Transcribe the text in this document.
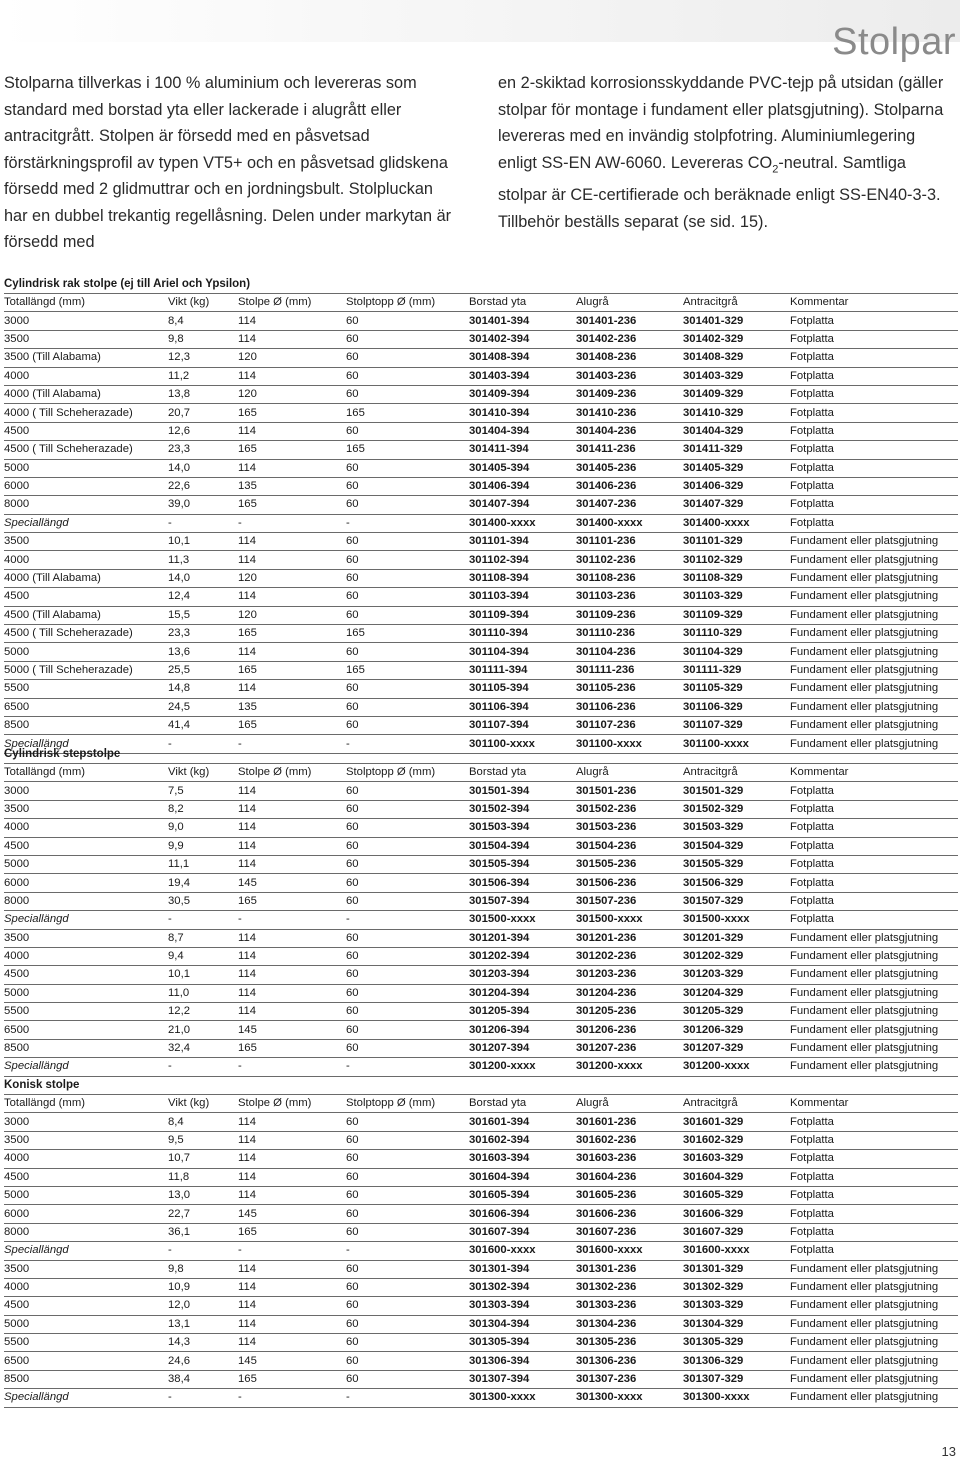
Stolpar

Stolparna tillverkas i 100 % aluminium och levereras som standard med borstad yta eller lackerade i alugrått eller antracitgrått. Stolpen är försedd med en påsvetsad förstärkningsprofil av typen VT5+ och en påsvetsad glidskena försedd med 2 glidmuttrar och en jordningsbult. Stolpluckan har en dubbel trekantig regellåsning. Delen under markytan är försedd med

en 2-skiktad korrosionsskyddande PVC-tejp på utsidan (gäller stolpar för montage i fundament eller platsgjutning). Stolparna levereras med en invändig stolpfotring. Aluminiumlegering enligt SS-EN AW-6060. Levereras $CO_2$-neutral. Samtliga stolpar är CE-certifierade och beräknade enligt SS-EN40-3-3. Tillbehör beställs separat (se sid. 15).

Cylindrisk rak stolpe (ej till Ariel och Ypsilon)
Totallängd (mm)	Vikt (kg)	Stolpe Ø (mm)	Stolptopp Ø (mm)	Borstad yta	Alugrå	Antracitgrå	Kommentar
3000	8,4	114	60	301401-394	301401-236	301401-329	Fotplatta
3500	9,8	114	60	301402-394	301402-236	301402-329	Fotplatta
3500 (Till Alabama)	12,3	120	60	301408-394	301408-236	301408-329	Fotplatta
4000	11,2	114	60	301403-394	301403-236	301403-329	Fotplatta
4000 (Till Alabama)	13,8	120	60	301409-394	301409-236	301409-329	Fotplatta
4000 ( Till Scheherazade)	20,7	165	165	301410-394	301410-236	301410-329	Fotplatta
4500	12,6	114	60	301404-394	301404-236	301404-329	Fotplatta
4500 ( Till Scheherazade)	23,3	165	165	301411-394	301411-236	301411-329	Fotplatta
5000	14,0	114	60	301405-394	301405-236	301405-329	Fotplatta
6000	22,6	135	60	301406-394	301406-236	301406-329	Fotplatta
8000	39,0	165	60	301407-394	301407-236	301407-329	Fotplatta
Speciallängd	-	-	-	301400-xxxx	301400-xxxx	301400-xxxx	Fotplatta
3500	10,1	114	60	301101-394	301101-236	301101-329	Fundament eller platsgjutning
4000	11,3	114	60	301102-394	301102-236	301102-329	Fundament eller platsgjutning
4000 (Till Alabama)	14,0	120	60	301108-394	301108-236	301108-329	Fundament eller platsgjutning
4500	12,4	114	60	301103-394	301103-236	301103-329	Fundament eller platsgjutning
4500 (Till Alabama)	15,5	120	60	301109-394	301109-236	301109-329	Fundament eller platsgjutning
4500 ( Till Scheherazade)	23,3	165	165	301110-394	301110-236	301110-329	Fundament eller platsgjutning
5000	13,6	114	60	301104-394	301104-236	301104-329	Fundament eller platsgjutning
5000 ( Till Scheherazade)	25,5	165	165	301111-394	301111-236	301111-329	Fundament eller platsgjutning
5500	14,8	114	60	301105-394	301105-236	301105-329	Fundament eller platsgjutning
6500	24,5	135	60	301106-394	301106-236	301106-329	Fundament eller platsgjutning
8500	41,4	165	60	301107-394	301107-236	301107-329	Fundament eller platsgjutning
Speciallängd	-	-	-	301100-xxxx	301100-xxxx	301100-xxxx	Fundament eller platsgjutning
Cylindrisk stepstolpe
Totallängd (mm)	Vikt (kg)	Stolpe Ø (mm)	Stolptopp Ø (mm)	Borstad yta	Alugrå	Antracitgrå	Kommentar
3000	7,5	114	60	301501-394	301501-236	301501-329	Fotplatta
3500	8,2	114	60	301502-394	301502-236	301502-329	Fotplatta
4000	9,0	114	60	301503-394	301503-236	301503-329	Fotplatta
4500	9,9	114	60	301504-394	301504-236	301504-329	Fotplatta
5000	11,1	114	60	301505-394	301505-236	301505-329	Fotplatta
6000	19,4	145	60	301506-394	301506-236	301506-329	Fotplatta
8000	30,5	165	60	301507-394	301507-236	301507-329	Fotplatta
Speciallängd	-	-	-	301500-xxxx	301500-xxxx	301500-xxxx	Fotplatta
3500	8,7	114	60	301201-394	301201-236	301201-329	Fundament eller platsgjutning
4000	9,4	114	60	301202-394	301202-236	301202-329	Fundament eller platsgjutning
4500	10,1	114	60	301203-394	301203-236	301203-329	Fundament eller platsgjutning
5000	11,0	114	60	301204-394	301204-236	301204-329	Fundament eller platsgjutning
5500	12,2	114	60	301205-394	301205-236	301205-329	Fundament eller platsgjutning
6500	21,0	145	60	301206-394	301206-236	301206-329	Fundament eller platsgjutning
8500	32,4	165	60	301207-394	301207-236	301207-329	Fundament eller platsgjutning
Speciallängd	-	-	-	301200-xxxx	301200-xxxx	301200-xxxx	Fundament eller platsgjutning
Konisk stolpe
Totallängd (mm)	Vikt (kg)	Stolpe Ø (mm)	Stolptopp Ø (mm)	Borstad yta	Alugrå	Antracitgrå	Kommentar
3000	8,4	114	60	301601-394	301601-236	301601-329	Fotplatta
3500	9,5	114	60	301602-394	301602-236	301602-329	Fotplatta
4000	10,7	114	60	301603-394	301603-236	301603-329	Fotplatta
4500	11,8	114	60	301604-394	301604-236	301604-329	Fotplatta
5000	13,0	114	60	301605-394	301605-236	301605-329	Fotplatta
6000	22,7	145	60	301606-394	301606-236	301606-329	Fotplatta
8000	36,1	165	60	301607-394	301607-236	301607-329	Fotplatta
Speciallängd	-	-	-	301600-xxxx	301600-xxxx	301600-xxxx	Fotplatta
3500	9,8	114	60	301301-394	301301-236	301301-329	Fundament eller platsgjutning
4000	10,9	114	60	301302-394	301302-236	301302-329	Fundament eller platsgjutning
4500	12,0	114	60	301303-394	301303-236	301303-329	Fundament eller platsgjutning
5000	13,1	114	60	301304-394	301304-236	301304-329	Fundament eller platsgjutning
5500	14,3	114	60	301305-394	301305-236	301305-329	Fundament eller platsgjutning
6500	24,6	145	60	301306-394	301306-236	301306-329	Fundament eller platsgjutning
8500	38,4	165	60	301307-394	301307-236	301307-329	Fundament eller platsgjutning
Speciallängd	-	-	-	301300-xxxx	301300-xxxx	301300-xxxx	Fundament eller platsgjutning
13
